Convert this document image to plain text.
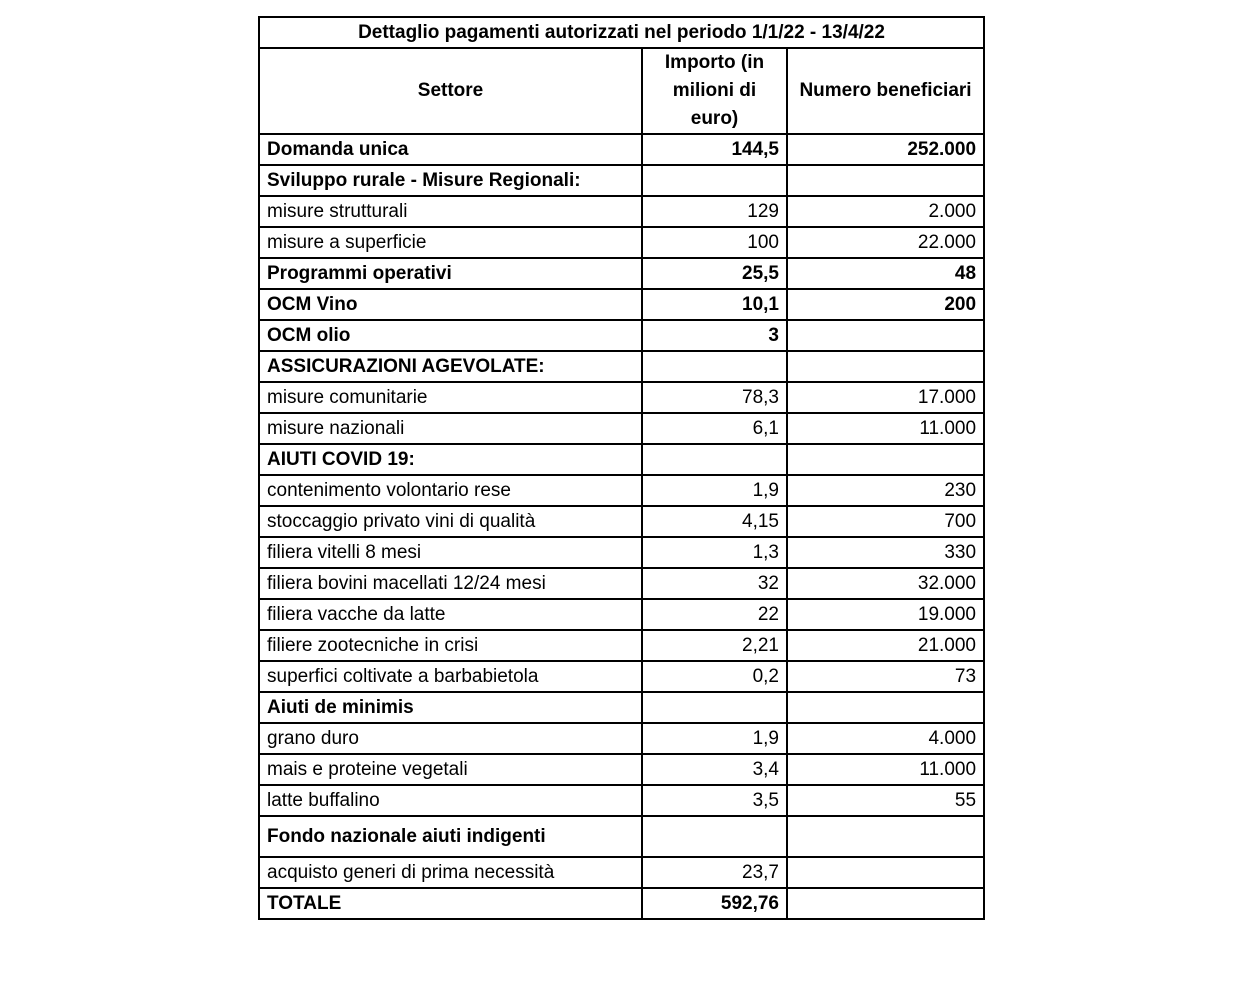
Dettaglio pagamenti autorizzati nel periodo 1/1/22 - 13/4/22		
Settore	Importo (in milioni di euro)	Numero beneficiari
Domanda unica	144,5	252.000
Sviluppo rurale - Misure Regionali:		
misure strutturali	129	2.000
misure a superficie	100	22.000
Programmi operativi	25,5	48
OCM Vino	10,1	200
OCM olio	3	
ASSICURAZIONI AGEVOLATE:		
misure comunitarie	78,3	17.000
misure nazionali	6,1	11.000
AIUTI COVID 19:		
contenimento volontario rese	1,9	230
stoccaggio privato vini di qualità	4,15	700
filiera vitelli 8 mesi	1,3	330
filiera bovini macellati 12/24 mesi	32	32.000
filiera vacche da latte	22	19.000
filiere zootecniche in crisi	2,21	21.000
superfici coltivate a barbabietola	0,2	73
Aiuti de minimis		
grano duro	1,9	4.000
mais e proteine vegetali	3,4	11.000
latte buffalino	3,5	55
Fondo nazionale aiuti indigenti		
acquisto generi di prima necessità	23,7	
TOTALE	592,76	
